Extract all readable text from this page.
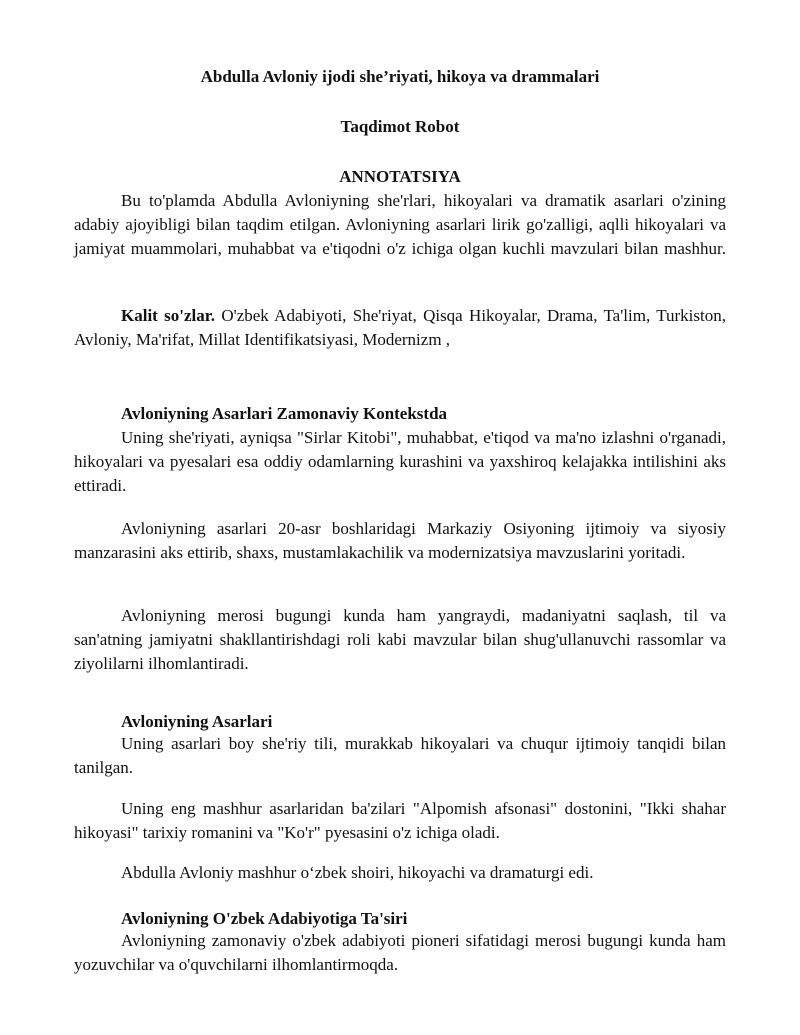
Abdulla Avloniy ijodi she’riyati, hikoya va drammalari
Taqdimot Robot
ANNOTATSIYA

Bu to'plamda Abdulla Avloniyning she'rlari, hikoyalari va dramatik asarlari o'zining adabiy ajoyibligi bilan taqdim etilgan. Avloniyning asarlari lirik go'zalligi, aqlli hikoyalari va jamiyat muammolari, muhabbat va e'tiqodni o'z ichiga olgan kuchli mavzulari bilan mashhur.

Kalit so'zlar. O'zbek Adabiyoti, She'riyat, Qisqa Hikoyalar, Drama, Ta'lim, Turkiston, Avloniy, Ma'rifat, Millat Identifikatsiyasi, Modernizm ,

Avloniyning Asarlari Zamonaviy Kontekstda

Uning she'riyati, ayniqsa "Sirlar Kitobi", muhabbat, e'tiqod va ma'no izlashni o'rganadi, hikoyalari va pyesalari esa oddiy odamlarning kurashini va yaxshiroq kelajakka intilishini aks ettiradi.

Avloniyning asarlari 20-asr boshlaridagi Markaziy Osiyoning ijtimoiy va siyosiy manzarasini aks ettirib, shaxs, mustamlakachilik va modernizatsiya mavzuslarini yoritadi.

Avloniyning merosi bugungi kunda ham yangraydi, madaniyatni saqlash, til va san'atning jamiyatni shakllantirishdagi roli kabi mavzular bilan shug'ullanuvchi rassomlar va ziyolilarni ilhomlantiradi.

Avloniyning Asarlari

Uning asarlari boy she'riy tili, murakkab hikoyalari va chuqur ijtimoiy tanqidi bilan tanilgan.

Uning eng mashhur asarlaridan ba'zilari "Alpomish afsonasi" dostonini, "Ikki shahar hikoyasi" tarixiy romanini va "Ko'r" pyesasini o'z ichiga oladi.

Abdulla Avloniy mashhur o‘zbek shoiri, hikoyachi va dramaturgi edi.

Avloniyning O'zbek Adabiyotiga Ta'siri

Avloniyning zamonaviy o'zbek adabiyoti pioneri sifatidagi merosi bugungi kunda ham yozuvchilar va o'quvchilarni ilhomlantirmoqda.
